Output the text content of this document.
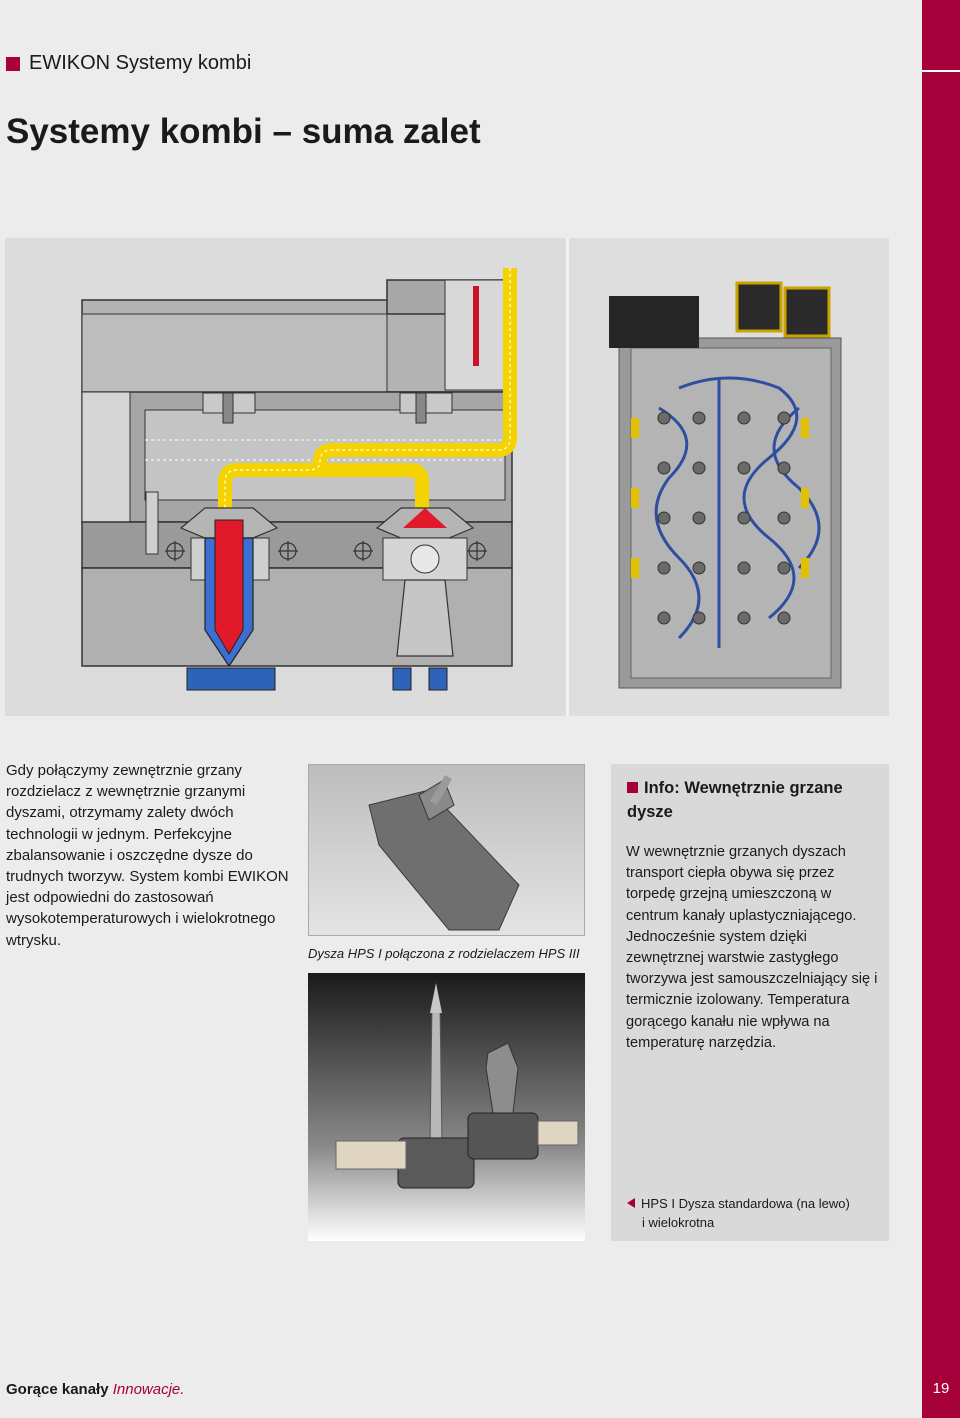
19
EWIKON Systemy kombi
Systemy kombi – suma zalet

Gdy połączymy zewnętrznie grzany rozdzielacz z wewnętrznie grzanymi dyszami, otrzymamy zalety dwóch technologii w jednym. Perfekcyjne zbalansowanie i oszczędne dysze do trudnych tworzyw. System kombi EWIKON jest odpowiedni do zastosowań wysokotemperaturowych i wielokrotnego wtrysku.

Dysza HPS I połączona z rodzielaczem HPS III
Info: Wewnętrznie grzane dysze

W wewnętrznie grzanych dyszach transport ciepła obywa się przez torpedę grzejną umieszczoną w centrum kanały uplastyczniającego. Jednocześnie system dzięki zewnętrznej warstwie zastygłego tworzywa jest samouszczelniający się i termicznie izolowany. Temperatura gorącego kanału nie wpływa na temperaturę narzędzia.

HPS I Dysza standardowa (na lewo)
i wielokrotna
Gorące kanały Innowacje.
